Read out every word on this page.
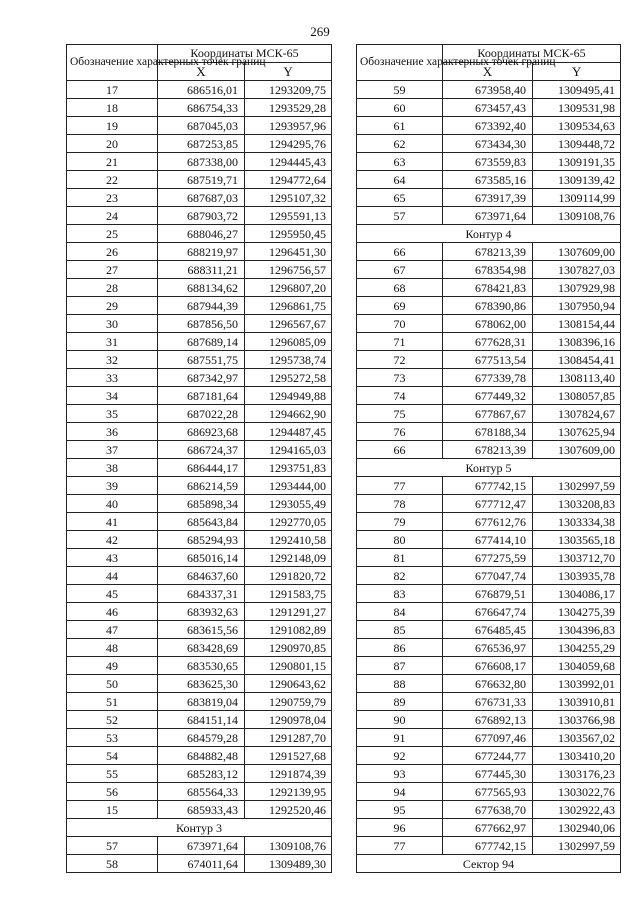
269
Обозначение характерных точек границ	Координаты МСК-65	
	X	Y
17	686516,01	1293209,75
18	686754,33	1293529,28
19	687045,03	1293957,96
20	687253,85	1294295,76
21	687338,00	1294445,43
22	687519,71	1294772,64
23	687687,03	1295107,32
24	687903,72	1295591,13
25	688046,27	1295950,45
26	688219,97	1296451,30
27	688311,21	1296756,57
28	688134,62	1296807,20
29	687944,39	1296861,75
30	687856,50	1296567,67
31	687689,14	1296085,09
32	687551,75	1295738,74
33	687342,97	1295272,58
34	687181,64	1294949,88
35	687022,28	1294662,90
36	686923,68	1294487,45
37	686724,37	1294165,03
38	686444,17	1293751,83
39	686214,59	1293444,00
40	685898,34	1293055,49
41	685643,84	1292770,05
42	685294,93	1292410,58
43	685016,14	1292148,09
44	684637,60	1291820,72
45	684337,31	1291583,75
46	683932,63	1291291,27
47	683615,56	1291082,89
48	683428,69	1290970,85
49	683530,65	1290801,15
50	683625,30	1290643,62
51	683819,04	1290759,79
52	684151,14	1290978,04
53	684579,28	1291287,70
54	684882,48	1291527,68
55	685283,12	1291874,39
56	685564,33	1292139,95
15	685933,43	1292520,46
Контур 3		
57	673971,64	1309108,76
58	674011,64	1309489,30
Обозначение характерных точек границ	Координаты МСК-65	
	X	Y
59	673958,40	1309495,41
60	673457,43	1309531,98
61	673392,40	1309534,63
62	673434,30	1309448,72
63	673559,83	1309191,35
64	673585,16	1309139,42
65	673917,39	1309114,99
57	673971,64	1309108,76
Контур 4		
66	678213,39	1307609,00
67	678354,98	1307827,03
68	678421,83	1307929,98
69	678390,86	1307950,94
70	678062,00	1308154,44
71	677628,31	1308396,16
72	677513,54	1308454,41
73	677339,78	1308113,40
74	677449,32	1308057,85
75	677867,67	1307824,67
76	678188,34	1307625,94
66	678213,39	1307609,00
Контур 5		
77	677742,15	1302997,59
78	677712,47	1303208,83
79	677612,76	1303334,38
80	677414,10	1303565,18
81	677275,59	1303712,70
82	677047,74	1303935,78
83	676879,51	1304086,17
84	676647,74	1304275,39
85	676485,45	1304396,83
86	676536,97	1304255,29
87	676608,17	1304059,68
88	676632,80	1303992,01
89	676731,33	1303910,81
90	676892,13	1303766,98
91	677097,46	1303567,02
92	677244,77	1303410,20
93	677445,30	1303176,23
94	677565,93	1303022,76
95	677638,70	1302922,43
96	677662,97	1302940,06
77	677742,15	1302997,59
Сектор 94		
